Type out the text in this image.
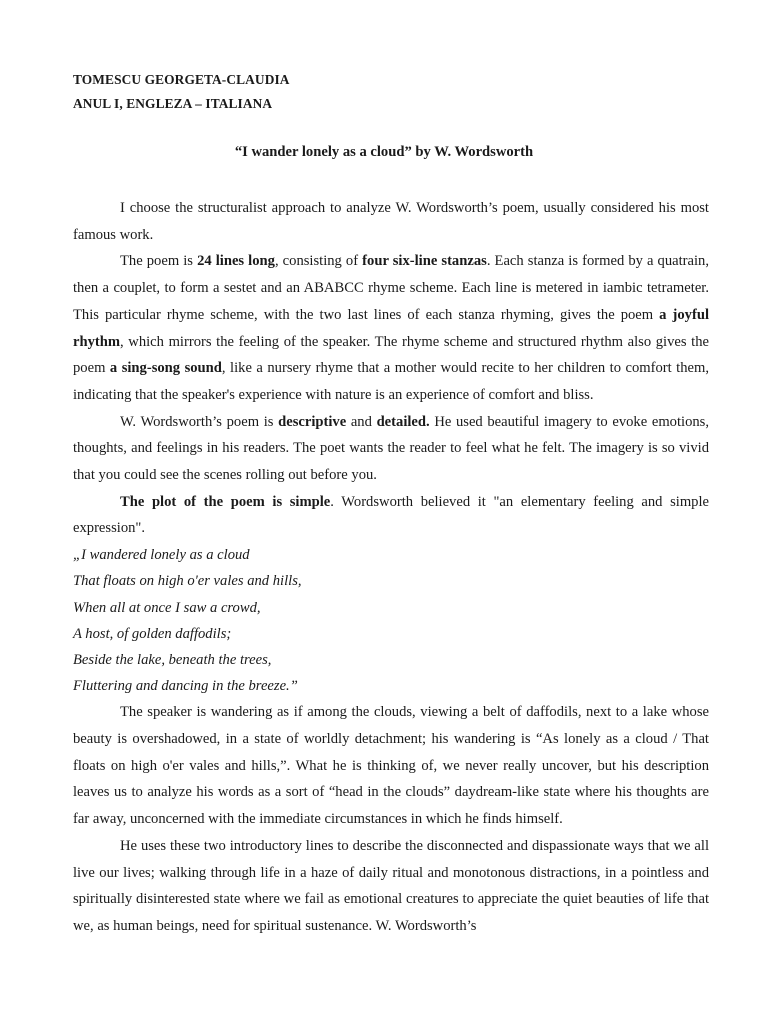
TOMESCU GEORGETA-CLAUDIA
ANUL I, ENGLEZA – ITALIANA
“I wander lonely as a cloud” by W. Wordsworth

I choose the structuralist approach to analyze W. Wordsworth’s poem, usually considered his most famous work.

The poem is 24 lines long, consisting of four six-line stanzas. Each stanza is formed by a quatrain, then a couplet, to form a sestet and an ABABCC rhyme scheme. Each line is metered in iambic tetrameter. This particular rhyme scheme, with the two last lines of each stanza rhyming, gives the poem a joyful rhythm, which mirrors the feeling of the speaker. The rhyme scheme and structured rhythm also gives the poem a sing-song sound, like a nursery rhyme that a mother would recite to her children to comfort them, indicating that the speaker's experience with nature is an experience of comfort and bliss.

W. Wordsworth’s poem is descriptive and detailed. He used beautiful imagery to evoke emotions, thoughts, and feelings in his readers. The poet wants the reader to feel what he felt. The imagery is so vivid that you could see the scenes rolling out before you.

The plot of the poem is simple. Wordsworth believed it "an elementary feeling and simple expression".

„I wandered lonely as a cloud
That floats on high o'er vales and hills,
When all at once I saw a crowd,
A host, of golden daffodils;
Beside the lake, beneath the trees,
Fluttering and dancing in the breeze.”

The speaker is wandering as if among the clouds, viewing a belt of daffodils, next to a lake whose beauty is overshadowed, in a state of worldly detachment; his wandering is “As lonely as a cloud / That floats on high o'er vales and hills,”. What he is thinking of, we never really uncover, but his description leaves us to analyze his words as a sort of “head in the clouds” daydream-like state where his thoughts are far away, unconcerned with the immediate circumstances in which he finds himself.

He uses these two introductory lines to describe the disconnected and dispassionate ways that we all live our lives; walking through life in a haze of daily ritual and monotonous distractions, in a pointless and spiritually disinterested state where we fail as emotional creatures to appreciate the quiet beauties of life that we, as human beings, need for spiritual sustenance. W. Wordsworth’s
